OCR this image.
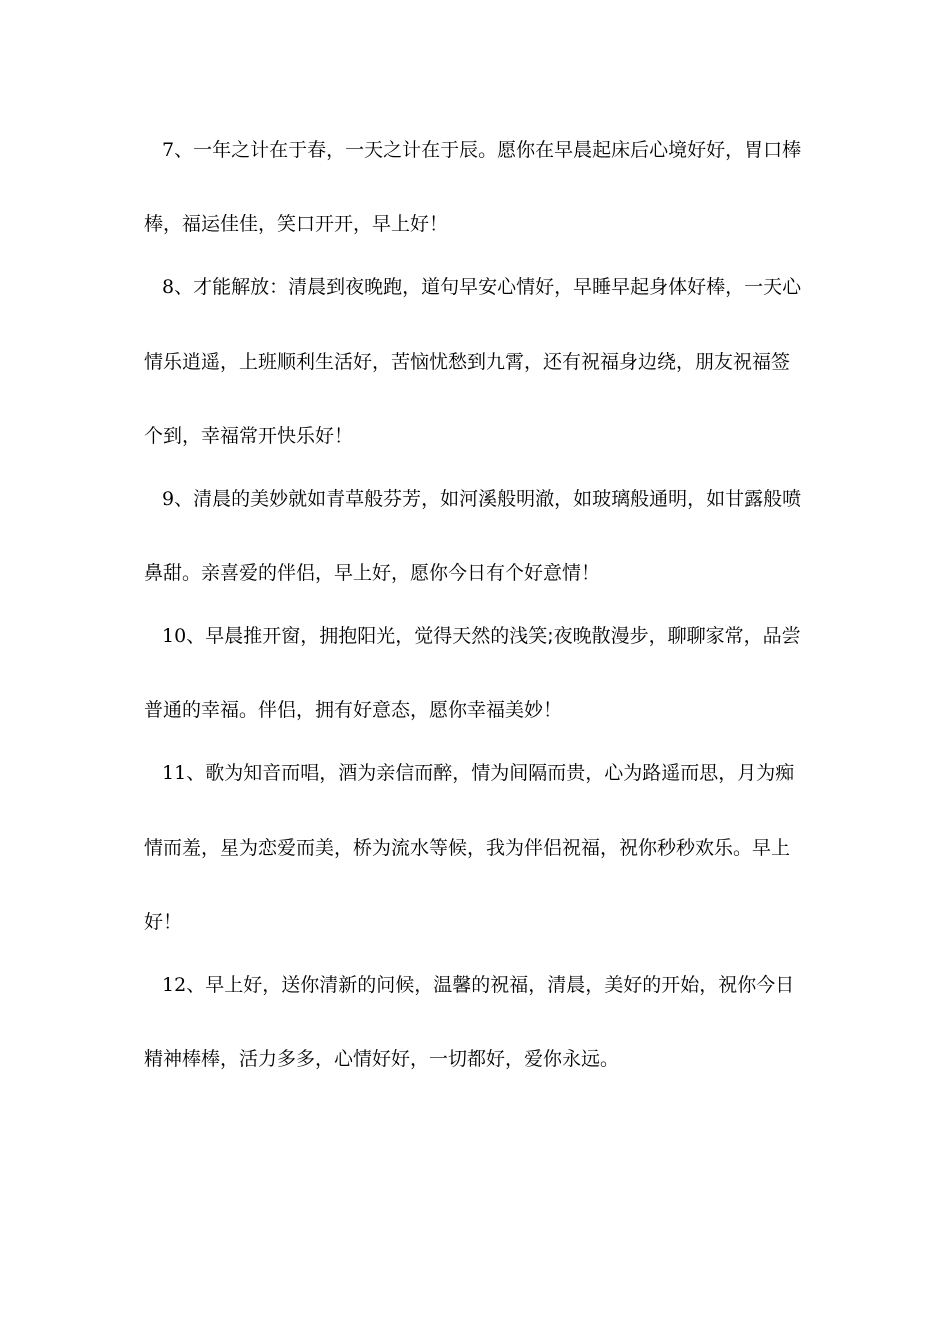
7、一年之计在于春，一天之计在于辰。愿你在早晨起床后心境好好，胃口棒
棒，福运佳佳，笑口开开，早上好！
8、才能解放：清晨到夜晚跑，道句早安心情好，早睡早起身体好棒，一天心
情乐逍遥，上班顺利生活好，苦恼忧愁到九霄，还有祝福身边绕，朋友祝福签
个到，幸福常开快乐好！
9、清晨的美妙就如青草般芬芳，如河溪般明澈，如玻璃般通明，如甘露般喷
鼻甜。亲喜爱的伴侣，早上好，愿你今日有个好意情！
10、早晨推开窗，拥抱阳光，觉得天然的浅笑;夜晚散漫步，聊聊家常，品尝
普通的幸福。伴侣，拥有好意态，愿你幸福美妙！
11、歌为知音而唱，酒为亲信而醉，情为间隔而贵，心为路遥而思，月为痴
情而羞，星为恋爱而美，桥为流水等候，我为伴侣祝福，祝你秒秒欢乐。早上
好！
12、早上好，送你清新的问候，温馨的祝福，清晨，美好的开始，祝你今日
精神棒棒，活力多多，心情好好，一切都好，爱你永远。
